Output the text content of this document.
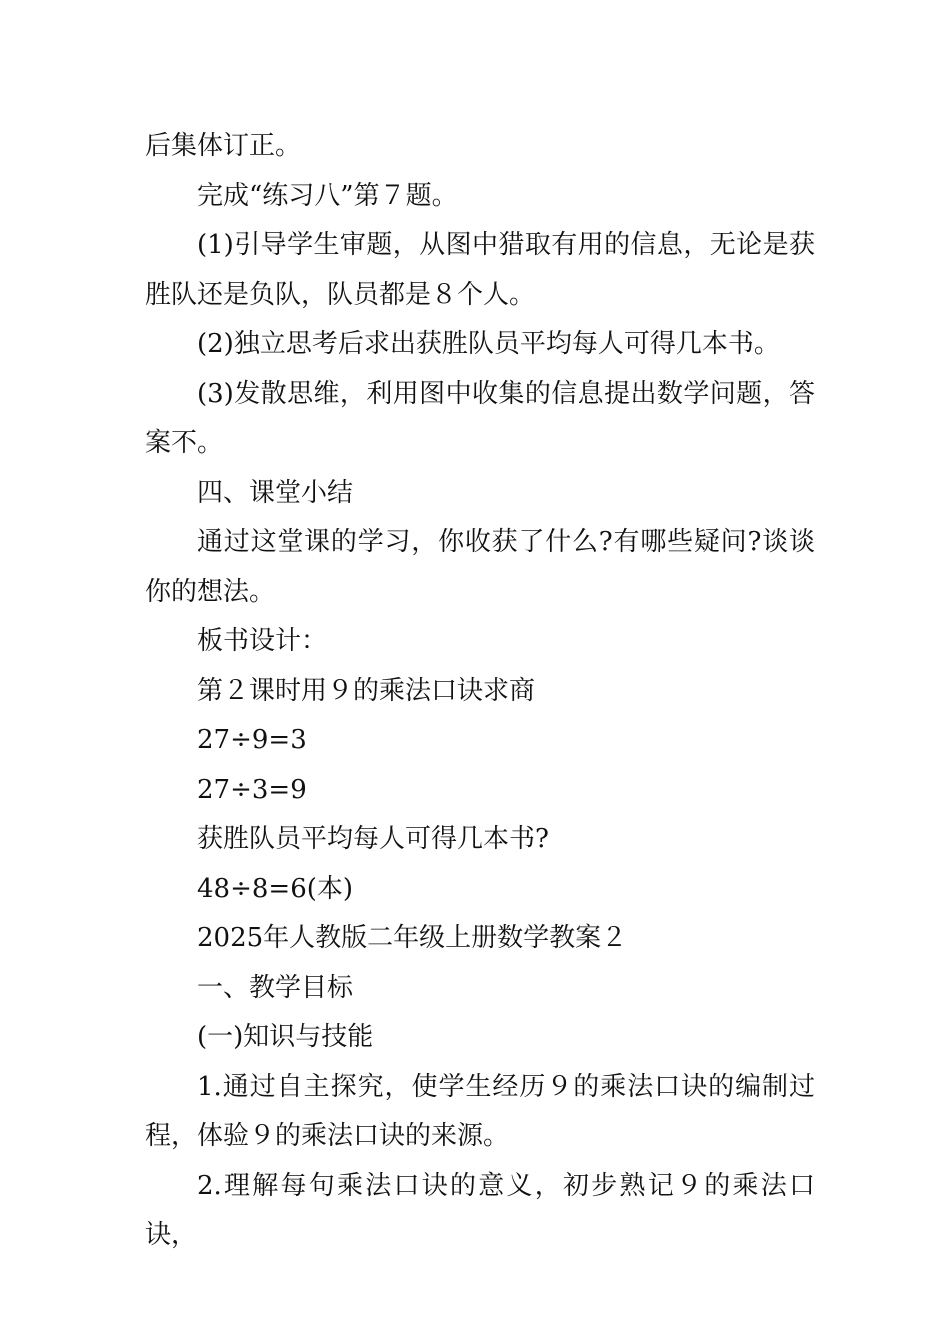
后集体订正。

完成“练习八”第７题。

(1)引导学生审题，从图中猎取有用的信息，无论是获胜队还是负队，队员都是８个人。

(2)独立思考后求出获胜队员平均每人可得几本书。

(3)发散思维，利用图中收集的信息提出数学问题，答案不。

四、课堂小结

通过这堂课的学习，你收获了什么?有哪些疑问?谈谈你的想法。

板书设计：

第２课时用９的乘法口诀求商

27÷9=3

27÷3=9

获胜队员平均每人可得几本书?

48÷8=6(本)

2025年人教版二年级上册数学教案２

一、教学目标

(一)知识与技能

1.通过自主探究，使学生经历９的乘法口诀的编制过程，体验９的乘法口诀的来源。

2.理解每句乘法口诀的意义，初步熟记９的乘法口诀，
